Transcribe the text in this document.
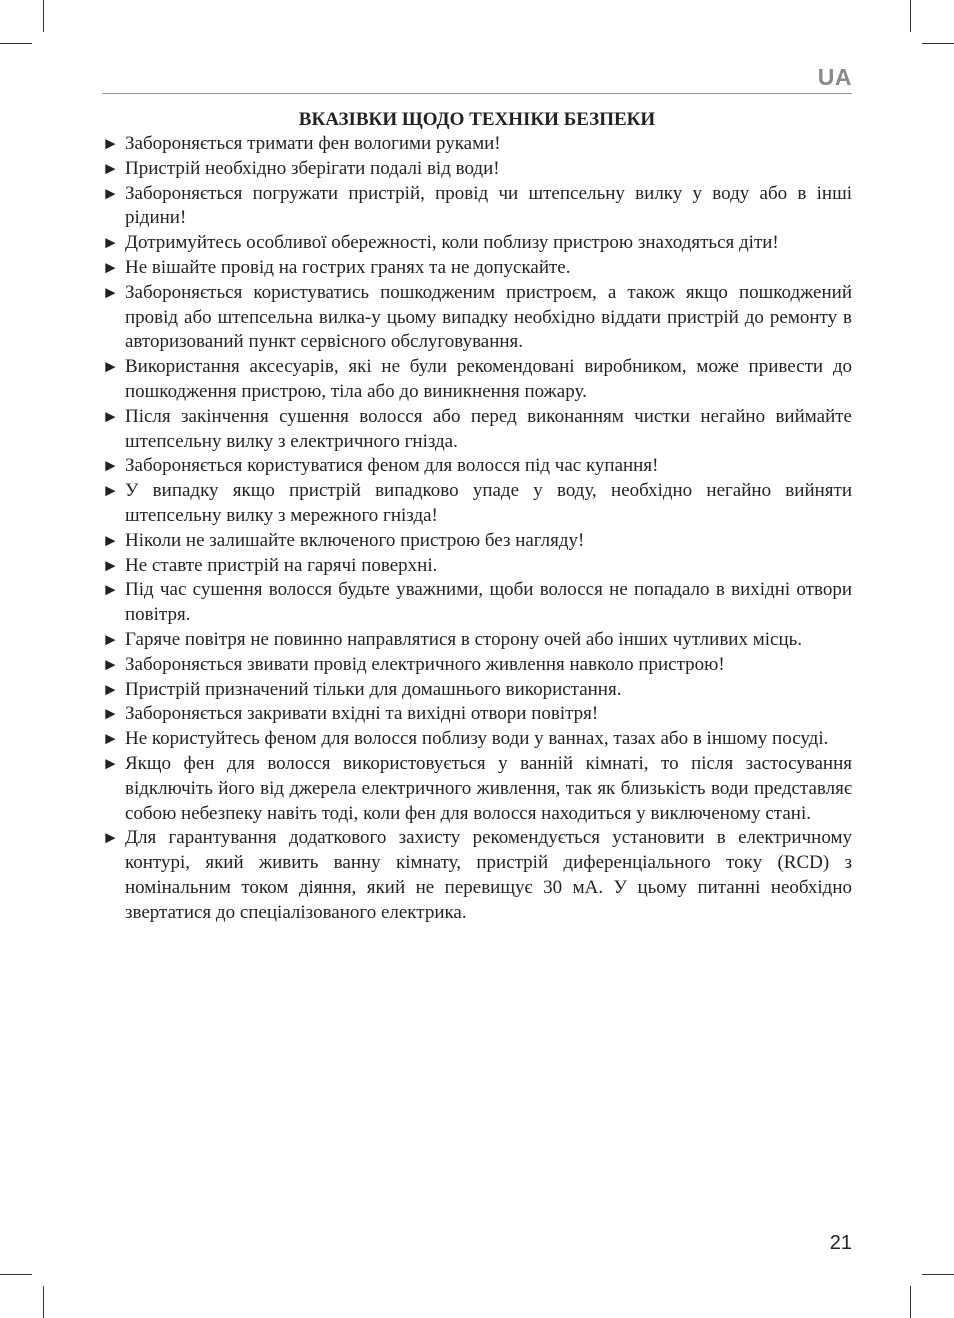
UA
ВКАЗІВКИ ЩОДО ТЕХНІКИ БЕЗПЕКИ
► Забороняється тримати фен вологими руками!
► Пристрій необхідно зберігати подалі від води!
► Забороняється погружати пристрій, провід чи штепсельну вилку у воду або в інші рідини!
► Дотримуйтесь особливої обережності, коли поблизу пристрою знаходяться діти!
► Не вішайте провід на гострих гранях та не допускайте.
► Забороняється користуватись пошкодженим пристроєм, а також якщо пошкоджений провід або штепсельна вилка-у цьому випадку необхідно віддати пристрій до ремонту в авторизований пункт сервісного обслуговування.
► Використання аксесуарів, які не були рекомендовані виробником, може привести до пошкодження пристрою, тіла або до виникнення пожару.
► Після закінчення сушення волосся або перед виконанням чистки негайно виймайте штепсельну вилку з електричного гнізда.
► Забороняється користуватися феном для волосся під час купання!
► У випадку якщо пристрій випадково упаде у воду, необхідно негайно вийняти штепсельну вилку з мережного гнізда!
► Ніколи не залишайте включеного пристрою без нагляду!
► Не ставте пристрій на гарячі поверхні.
► Під час сушення волосся будьте уважними, щоби волосся не попадало в вихідні отвори повітря.
► Гаряче повітря не повинно направлятися в сторону очей або інших чутливих місць.
► Забороняється звивати провід електричного живлення навколо пристрою!
► Пристрій призначений тільки для домашнього використання.
► Забороняється закривати вхідні та вихідні отвори повітря!
► Не користуйтесь феном для волосся поблизу води у ваннах, тазах або в іншому посуді.
► Якщо фен для волосся використовується у ванній кімнаті, то після застосування відключіть його від джерела електричного живлення, так як близькість води представляє собою небезпеку навіть тоді, коли фен для волосся находиться у виключеному стані.
► Для гарантування додаткового захисту рекомендується установити в електричному контурі, який живить ванну кімнату, пристрій диференціального току (RCD) з номінальним током діяння, який не перевищує 30 мА. У цьому питанні необхідно звертатися до спеціалізованого електрика.
21
